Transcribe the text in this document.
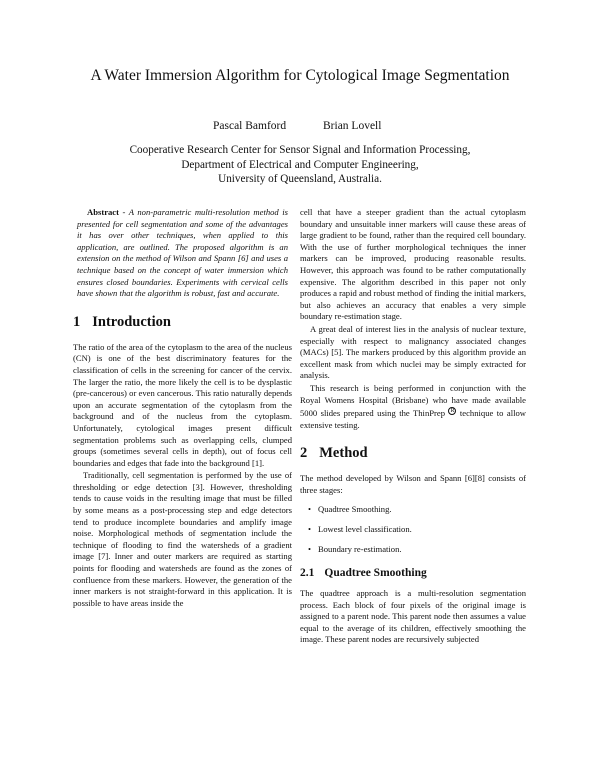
A Water Immersion Algorithm for Cytological Image Segmentation
Pascal Bamford	Brian Lovell
Cooperative Research Center for Sensor Signal and Information Processing,
Department of Electrical and Computer Engineering,
University of Queensland, Australia.

Abstract - A non-parametric multi-resolution method is presented for cell segmentation and some of the advantages it has over other techniques, when applied to this application, are outlined. The proposed algorithm is an extension on the method of Wilson and Spann [6] and uses a technique based on the concept of water immersion which ensures closed boundaries. Experiments with cervical cells have shown that the algorithm is robust, fast and accurate.

1 Introduction

The ratio of the area of the cytoplasm to the area of the nucleus (CN) is one of the best discriminatory features for the classification of cells in the screening for cancer of the cervix. The larger the ratio, the more likely the cell is to be dysplastic (pre-cancerous) or even cancerous. This ratio naturally depends upon an accurate segmentation of the cytoplasm from the background and of the nucleus from the cytoplasm. Unfortunately, cytological images present difficult segmentation problems such as overlapping cells, clumped groups (sometimes several cells in depth), out of focus cell boundaries and edges that fade into the background [1].

Traditionally, cell segmentation is performed by the use of thresholding or edge detection [3]. However, thresholding tends to cause voids in the resulting image that must be filled by some means as a post-processing step and edge detectors tend to produce incomplete boundaries and amplify image noise. Morphological methods of segmentation include the technique of flooding to find the watersheds of a gradient image [7]. Inner and outer markers are required as starting points for flooding and watersheds are found as the zones of confluence from these markers. However, the generation of the inner markers is not straight-forward in this application. It is possible to have areas inside the

cell that have a steeper gradient than the actual cytoplasm boundary and unsuitable inner markers will cause these areas of large gradient to be found, rather than the required cell boundary. With the use of further morphological techniques the inner markers can be improved, producing reasonable results. However, this approach was found to be rather computationally expensive. The algorithm described in this paper not only produces a rapid and robust method of finding the initial markers, but also achieves an accuracy that enables a very simple boundary re-estimation stage.

A great deal of interest lies in the analysis of nuclear texture, especially with respect to malignancy associated changes (MACs) [5]. The markers produced by this algorithm provide an excellent mask from which nuclei may be simply extracted for analysis.

This research is being performed in conjunction with the Royal Womens Hospital (Brisbane) who have made available 5000 slides prepared using the ThinPrep $^R$ technique to allow extensive testing.

2 Method

The method developed by Wilson and Spann [6][8] consists of three stages:

• Quadtree Smoothing.
• Lowest level classification.
• Boundary re-estimation.
2.1 Quadtree Smoothing

The quadtree approach is a multi-resolution segmentation process. Each block of four pixels of the original image is assigned to a parent node. This parent node then assumes a value equal to the average of its children, effectively smoothing the image. These parent nodes are recursively subjected
